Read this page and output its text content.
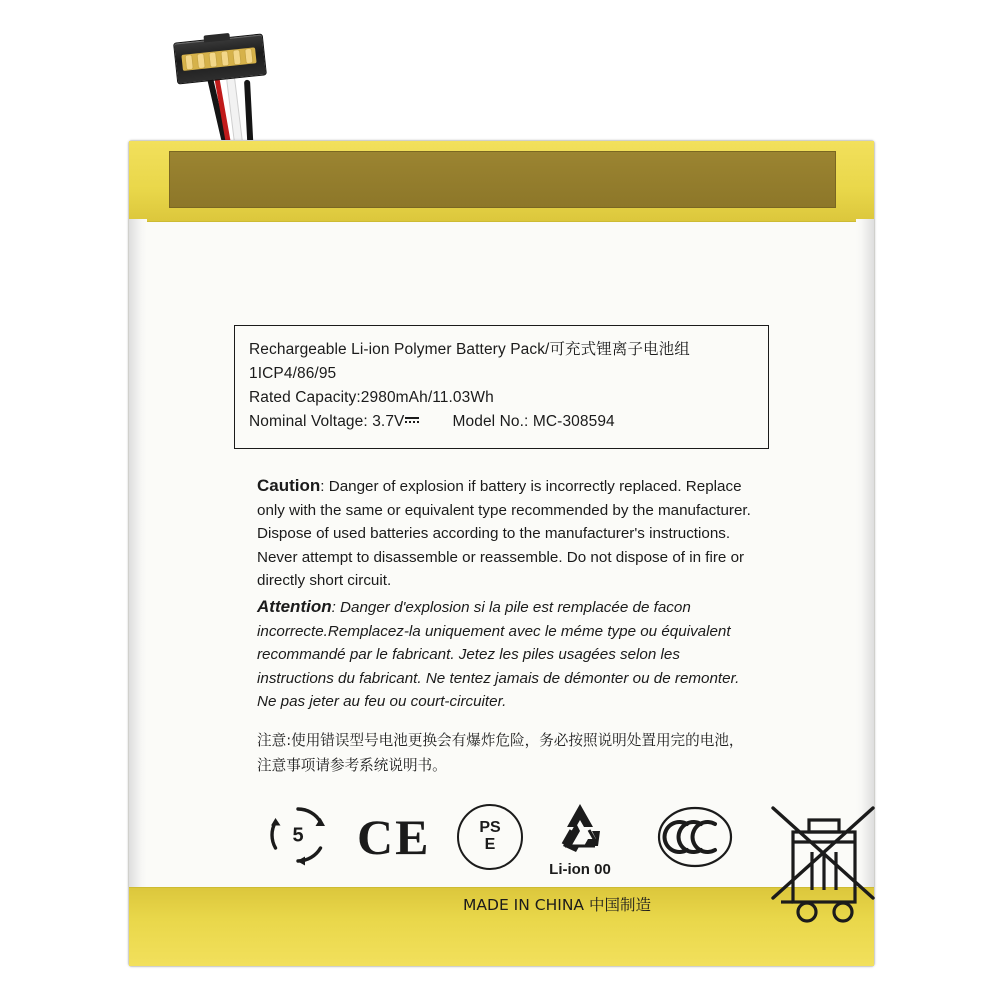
Rechargeable Li-ion Polymer Battery Pack/可充式锂离子电池组
1ICP4/86/95
Rated Capacity:2980mAh/11.03Wh
Nominal Voltage: 3.7V	Model No.: MC-308594

Caution: Danger of explosion if battery is incorrectly replaced. Replace only with the same or equivalent type recommended by the manufacturer. Dispose of used batteries according to the manufacturer's instructions. Never attempt to disassemble or reassemble. Do not dispose of in fire or directly short circuit.

Attention: Danger d'explosion si la pile est remplacée de facon incorrecte.Remplacez-la uniquement avec le méme type ou équivalent recommandé par le fabricant. Jetez les piles usagées selon les instructions du fabricant. Ne tentez jamais de démonter ou de remonter. Ne pas jeter au feu ou court-circuiter.

注意:使用错误型号电池更换会有爆炸危险，务必按照说明处置用完的电池，注意事项请参考系统说明书。

5 CE	PS
E
Li-ion 00
MADE IN CHINA 中国制造
